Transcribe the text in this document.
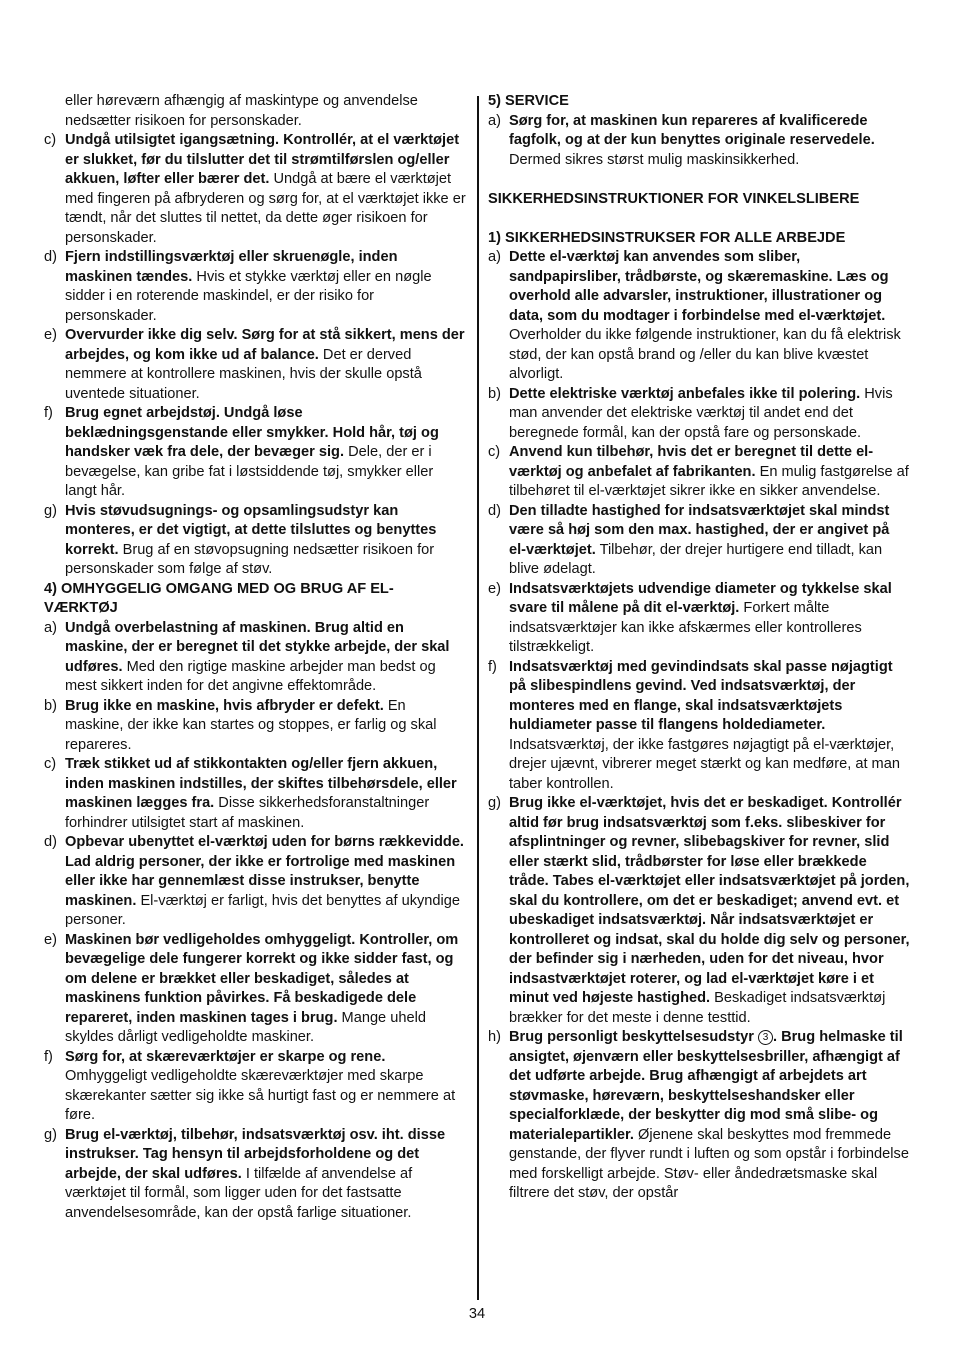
eller høreværn afhængig af maskintype og anvendelse nedsætter risikoen for personskader.
c) Undgå utilsigtet igangsætning. Kontrollér, at el værktøjet er slukket, før du tilslutter det til strømtilførslen og/eller akkuen, løfter eller bærer det. Undgå at bære el værktøjet med fingeren på afbryderen og sørg for, at el værktøjet ikke er tændt, når det sluttes til nettet, da dette øger risikoen for personskader.
d) Fjern indstillingsværktøj eller skruenøgle, inden maskinen tændes. Hvis et stykke værktøj eller en nøgle sidder i en roterende maskindel, er der risiko for personskader.
e) Overvurder ikke dig selv. Sørg for at stå sikkert, mens der arbejdes, og kom ikke ud af balance. Det er derved nemmere at kontrollere maskinen, hvis der skulle opstå uventede situationer.
f) Brug egnet arbejdstøj. Undgå løse beklædningsgenstande eller smykker. Hold hår, tøj og handsker væk fra dele, der bevæger sig. Dele, der er i bevægelse, kan gribe fat i løstsiddende tøj, smykker eller langt hår.
g) Hvis støvudsugnings- og opsamlingsudstyr kan monteres, er det vigtigt, at dette tilsluttes og benyttes korrekt. Brug af en støvopsugning nedsætter risikoen for personskader som følge af støv.
4) OMHYGGELIG OMGANG MED OG BRUG AF EL-VÆRKTØJ
a) Undgå overbelastning af maskinen. Brug altid en maskine, der er beregnet til det stykke arbejde, der skal udføres. Med den rigtige maskine arbejder man bedst og mest sikkert inden for det angivne effektområde.
b) Brug ikke en maskine, hvis afbryder er defekt. En maskine, der ikke kan startes og stoppes, er farlig og skal repareres.
c) Træk stikket ud af stikkontakten og/eller fjern akkuen, inden maskinen indstilles, der skiftes tilbehørsdele, eller maskinen lægges fra. Disse sikkerhedsforanstaltninger forhindrer utilsigtet start af maskinen.
d) Opbevar ubenyttet el-værktøj uden for børns rækkevidde. Lad aldrig personer, der ikke er fortrolige med maskinen eller ikke har gennemlæst disse instrukser, benytte maskinen. El-værktøj er farligt, hvis det benyttes af ukyndige personer.
e) Maskinen bør vedligeholdes omhyggeligt. Kontroller, om bevægelige dele fungerer korrekt og ikke sidder fast, og om delene er brækket eller beskadiget, således at maskinens funktion påvirkes. Få beskadigede dele repareret, inden maskinen tages i brug. Mange uheld skyldes dårligt vedligeholdte maskiner.
f) Sørg for, at skæreværktøjer er skarpe og rene. Omhyggeligt vedligeholdte skæreværktøjer med skarpe skærekanter sætter sig ikke så hurtigt fast og er nemmere at føre.
g) Brug el-værktøj, tilbehør, indsatsværktøj osv. iht. disse instrukser. Tag hensyn til arbejdsforholdene og det arbejde, der skal udføres. I tilfælde af anvendelse af værktøjet til formål, som ligger uden for det fastsatte anvendelsesområde, kan der opstå farlige situationer.
5) SERVICE
a) Sørg for, at maskinen kun repareres af kvalificerede fagfolk, og at der kun benyttes originale reservedele. Dermed sikres størst mulig maskinsikkerhed.
SIKKERHEDSINSTRUKTIONER FOR VINKELSLIBERE
1) SIKKERHEDSINSTRUKSER FOR ALLE ARBEJDE
a) Dette el-værktøj kan anvendes som sliber, sandpapirsliber, trådbørste, og skæremaskine. Læs og overhold alle advarsler, instruktioner, illustrationer og data, som du modtager i forbindelse med el-værktøjet. Overholder du ikke følgende instruktioner, kan du få elektrisk stød, der kan opstå brand og /eller du kan blive kvæstet alvorligt.
b) Dette elektriske værktøj anbefales ikke til polering. Hvis man anvender det elektriske værktøj til andet end det beregnede formål, kan der opstå fare og personskade.
c) Anvend kun tilbehør, hvis det er beregnet til dette el-værktøj og anbefalet af fabrikanten. En mulig fastgørelse af tilbehøret til el-værktøjet sikrer ikke en sikker anvendelse.
d) Den tilladte hastighed for indsatsværktøjet skal mindst være så høj som den max. hastighed, der er angivet på el-værktøjet. Tilbehør, der drejer hurtigere end tilladt, kan blive ødelagt.
e) Indsatsværktøjets udvendige diameter og tykkelse skal svare til målene på dit el-værktøj. Forkert målte indsatsværktøjer kan ikke afskærmes eller kontrolleres tilstrækkeligt.
f) Indsatsværktøj med gevindindsats skal passe nøjagtigt på slibespindlens gevind. Ved indsatsværktøj, der monteres med en flange, skal indsatsværktøjets huldiameter passe til flangens holdediameter. Indsatsværktøj, der ikke fastgøres nøjagtigt på el-værktøjer, drejer ujævnt, vibrerer meget stærkt og kan medføre, at man taber kontrollen.
g) Brug ikke el-værktøjet, hvis det er beskadiget. Kontrollér altid før brug indsatsværktøj som f.eks. slibeskiver for afsplintninger og revner, slibebagskiver for revner, slid eller stærkt slid, trådbørster for løse eller brækkede tråde. Tabes el-værktøjet eller indsatsværktøjet på jorden, skal du kontrollere, om det er beskadiget; anvend evt. et ubeskadiget indsatsværktøj. Når indsatsværktøjet er kontrolleret og indsat, skal du holde dig selv og personer, der befinder sig i nærheden, uden for det niveau, hvor indsastværktøjet roterer, og lad el-værktøjet køre i et minut ved højeste hastighed. Beskadiget indsatsværktøj brækker for det meste i denne testtid.
h) Brug personligt beskyttelsesudstyr 3 . Brug helmaske til ansigtet, øjenværn eller beskyttelsesbriller, afhængigt af det udførte arbejde. Brug afhængigt af arbejdets art støvmaske, høreværn, beskyttelseshandsker eller specialforklæde, der beskytter dig mod små slibe- og materialepartikler. Øjenene skal beskyttes mod fremmede genstande, der flyver rundt i luften og som opstår i forbindelse med forskelligt arbejde. Støv- eller åndedrætsmaske skal filtrere det støv, der opstår
34
